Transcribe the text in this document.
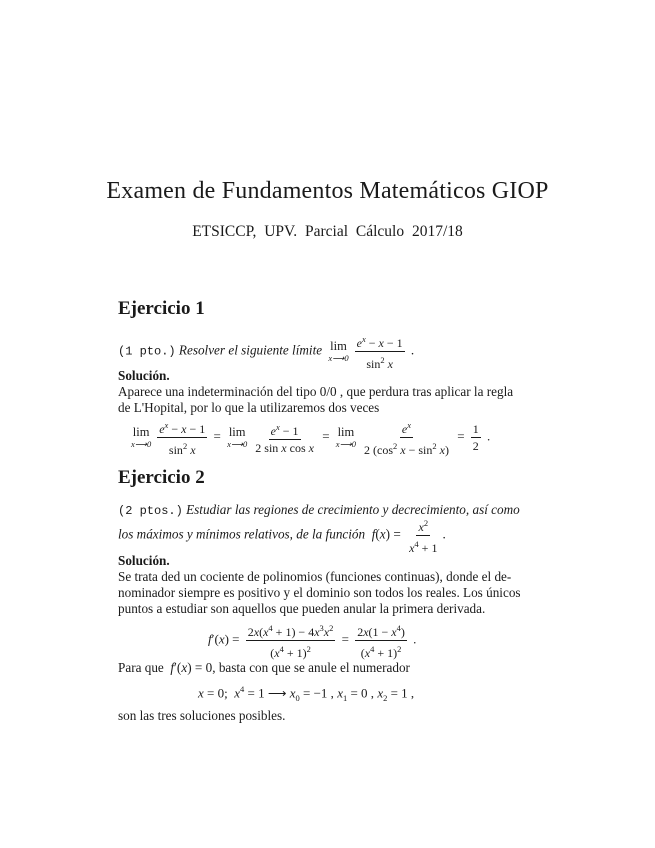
Examen de Fundamentos Matemáticos GIOP
ETSICCP, UPV. Parcial Cálculo 2017/18
Ejercicio 1
(1 pto.) Resolver el siguiente límite lim
x⟶0 $\frac{e^x - x - 1}{\sin^2 x}$ .
Solución.
Aparece una indeterminación del tipo 0/0 , que perdura tras aplicar la regla
de L'Hopital, por lo que la utilizaremos dos veces
lim
x⟶0 $\frac{e^x - x - 1}{\sin^2 x} = \lim$
x⟶0 $\frac{e^x - 1}{\text{2 sin x cos x}} = \lim$
x⟶0 $\frac{e^x}{2 (\cos^2 x - \sin^2 x)} = \frac{1}{2}$ .
Ejercicio 2
(2 ptos.) Estudiar las regiones de crecimiento y decrecimiento, así como
los máximos y mínimos relativos, de la función $f(x) = \frac{x^2}{x^4 + 1}$ .
Solución.
Se trata ded un cociente de polinomios (funciones continuas), donde el de-
nominador siempre es positivo y el dominio son todos los reales. Los únicos
puntos a estudiar son aquellos que pueden anular la primera derivada.
$f'(x) = \frac{2x(x^4 + 1) - 4x^3x^2}{(x^4 + 1)^2} = \frac{2x(1 - x^4)}{(x^4 + 1)^2}$ .
Para que f′(x) = 0, basta con que se anule el numerador
x = 0;  $x^4 = 1$ ⟶ $x_0 = -1$ , $x_1 = 0$ , $x_2 = 1$ ,
son las tres soluciones posibles.
